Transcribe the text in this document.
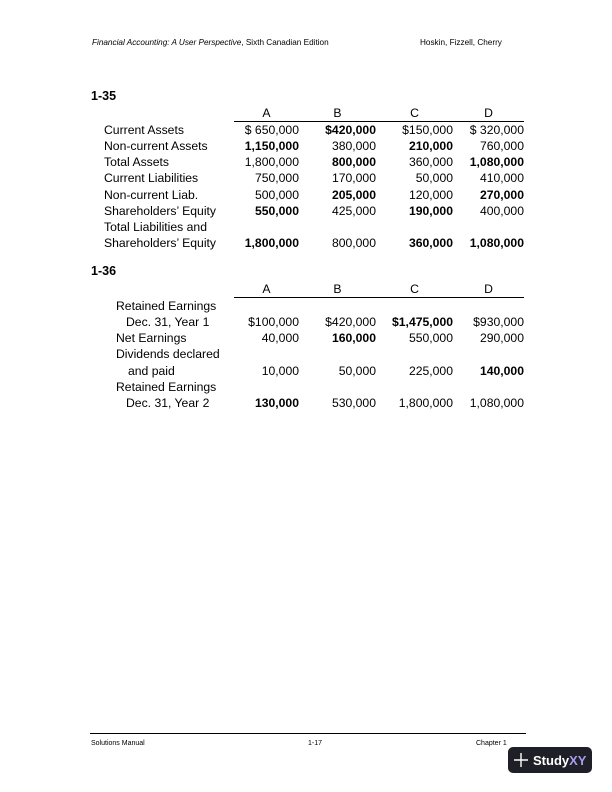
Financial Accounting: A User Perspective, Sixth Canadian Edition	Hoskin, Fizzell, Cherry
1-35
	A	B	C	D
Current Assets	$ 650,000	$420,000	$150,000	$ 320,000
Non-current Assets	1,150,000	380,000	210,000	760,000
Total Assets	1,800,000	800,000	360,000	1,080,000
Current Liabilities	750,000	170,000	50,000	410,000
Non-current Liab.	500,000	205,000	120,000	270,000
Shareholders’ Equity	550,000	425,000	190,000	400,000
Total Liabilities and				
Shareholders’ Equity	1,800,000	800,000	360,000	1,080,000
1-36
	A	B	C	D
Retained Earnings				
Dec. 31, Year 1	$100,000	$420,000	$1,475,000	$930,000
Net Earnings	40,000	160,000	550,000	290,000
Dividends declared				
and paid	10,000	50,000	225,000	140,000
Retained Earnings				
Dec. 31, Year 2	130,000	530,000	1,800,000	1,080,000
Solutions Manual	1-17	Chapter 1
Study XY
